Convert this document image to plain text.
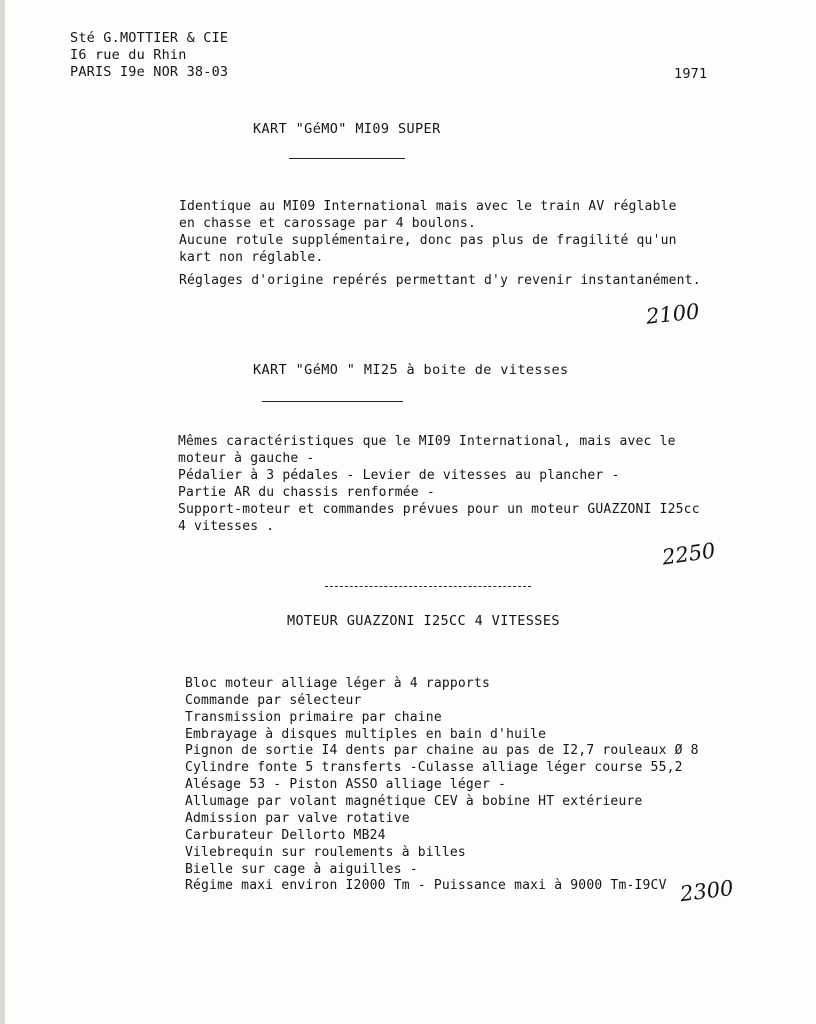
Sté G.MOTTIER & CIE
I6 rue du Rhin
PARIS I9e NOR 38-03	1971
KART "GéMO" MI09 SUPER
Identique au MI09 International mais avec le train AV réglable
en chasse et carossage par 4 boulons.
Aucune rotule supplémentaire, donc pas plus de fragilité qu'un
kart non réglable.
Réglages d'origine repérés permettant d'y revenir instantanément.
2100
KART "GéMO " MI25 à boite de vitesses
Mêmes caractéristiques que le MI09 International, mais avec le
moteur à gauche -
Pédalier à 3 pédales - Levier de vitesses au plancher -
Partie AR du chassis renformée -
Support-moteur et commandes prévues pour un moteur GUAZZONI I25cc
4 vitesses .
2250
MOTEUR GUAZZONI I25CC 4 VITESSES
Bloc moteur alliage léger à 4 rapports
Commande par sélecteur
Transmission primaire par chaine
Embrayage à disques multiples en bain d'huile
Pignon de sortie I4 dents par chaine au pas de I2,7 rouleaux Ø 8
Cylindre fonte 5 transferts -Culasse alliage léger course 55,2
Alésage 53 - Piston ASSO alliage léger -
Allumage par volant magnétique CEV à bobine HT extérieure
Admission par valve rotative
Carburateur Dellorto MB24
Vilebrequin sur roulements à billes
Bielle sur cage à aiguilles -
Régime maxi environ I2000 Tm - Puissance maxi à 9000 Tm-I9CV 2300
